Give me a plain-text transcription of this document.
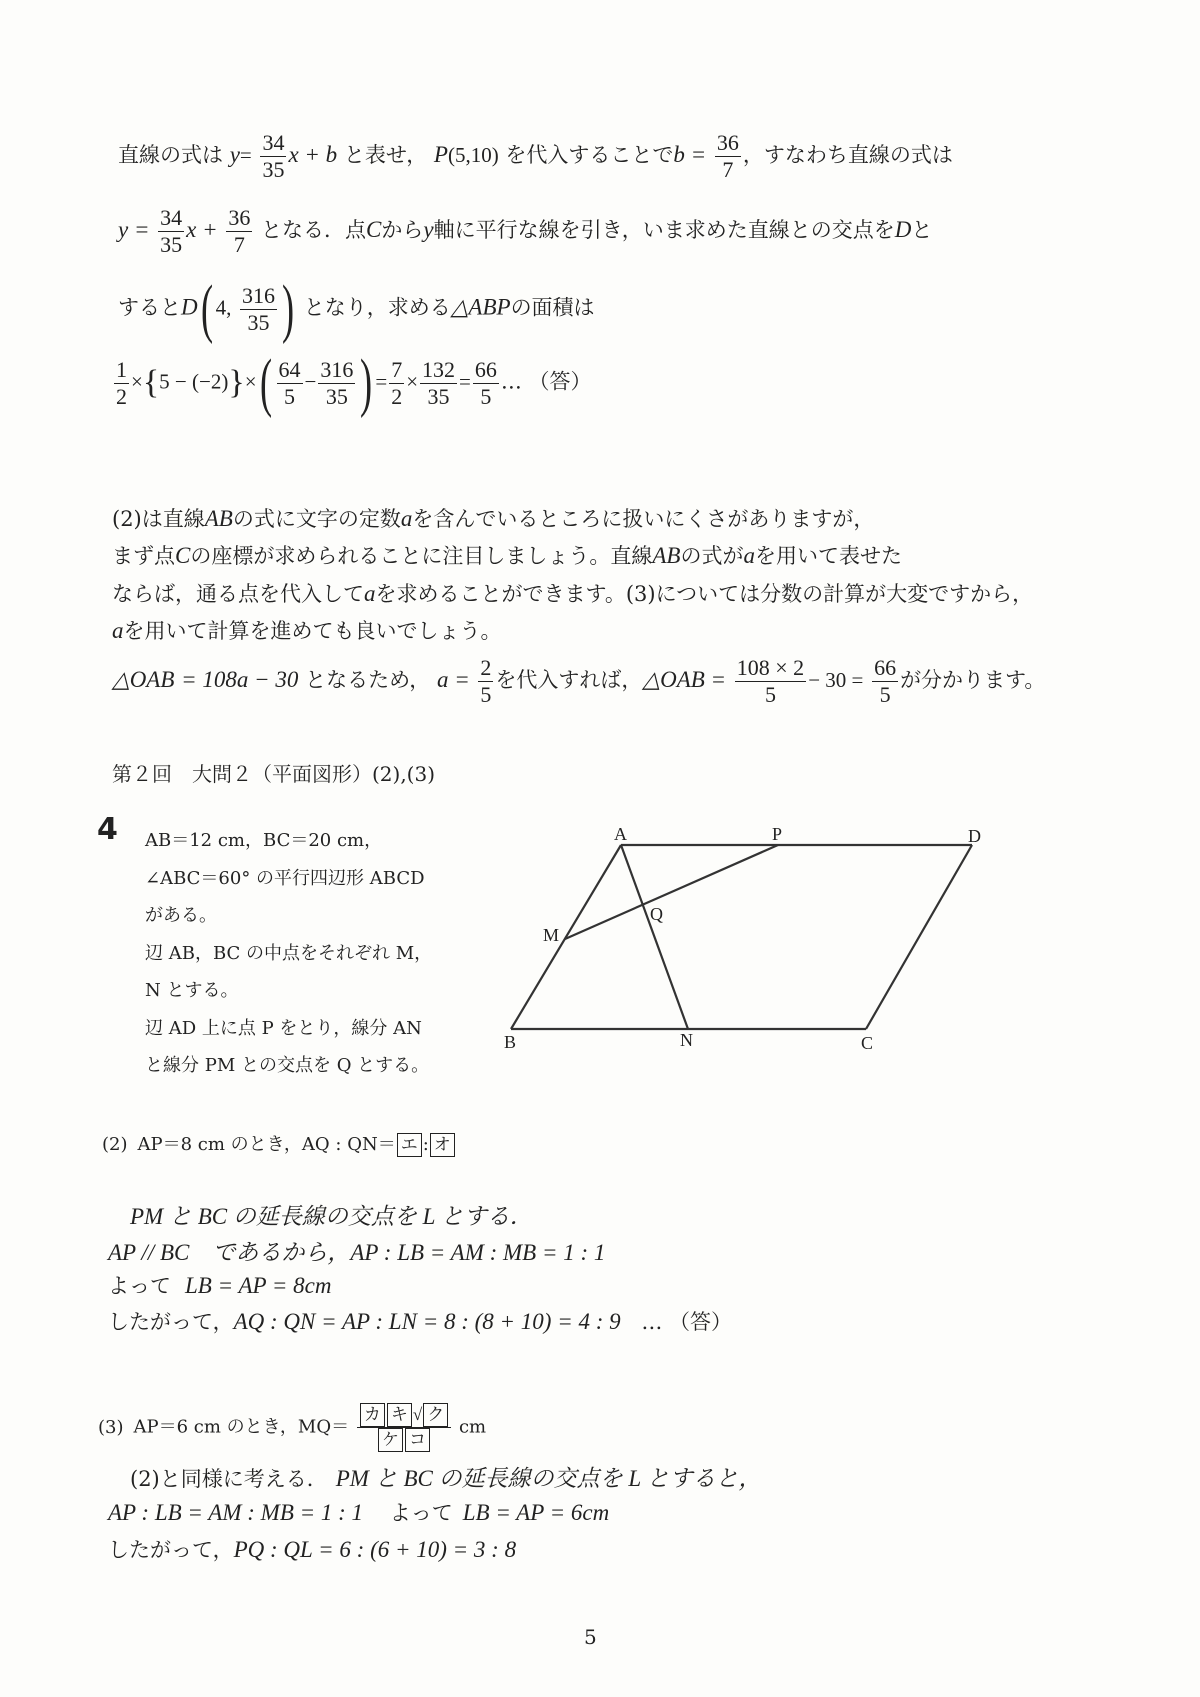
直線の式は $y= \frac{34}{35}$ x + b と表せ， P(5,10) を代入することで$b = \frac{36}{7}$ ，すなわち直線の式は
$y = \frac{34}{35}$ $x + \frac{36}{7}$ となる．点Cからy軸に平行な線を引き，いま求めた直線との交点をDと
するとD( 4, $\frac{316}{35}$ ) となり，求める△ABPの面積は
$\frac{1}{2} \times\{5 - (-2)\}\times( \frac{64}{5} - \frac{316}{35}$ ) = $\frac{7}{2} \times \frac{132}{35} = \frac{66}{5}$ … （答）
(2)は直線ABの式に文字の定数aを含んでいるところに扱いにくさがありますが，
まず点Cの座標が求められることに注目しましょう。直線ABの式がaを用いて表せた
ならば，通る点を代入してaを求めることができます。(3)については分数の計算が大変ですから，
aを用いて計算を進めても良いでしょう。
△OAB = 108a − 30 となるため， $a = \frac{2}{5}$ を代入すれば，△OAB = $\frac{108 \times 2}{5} - 30 = \frac{66}{5}$ が分かります。
第２回　大問２（平面図形）(2),(3)
4 AB＝12 cm，BC＝20 cm，
∠ABC＝60° の平行四辺形 ABCD
がある。
辺 AB，BC の中点をそれぞれ M，
N とする。
辺 AD 上に点 P をとり，線分 AN
と線分 PM との交点を Q とする。
A	P	D
Q
M
B	N	C
(2) AP＝8 cm のとき，AQ : QN＝ エ : オ
PM と BC の延長線の交点を L とする．
AP // BC　であるから，AP : LB = AM : MB = 1 : 1
よって LB = AP = 8cm
したがって，AQ : QN = AP : LN = 8 : (8 + 10) = 4 : 9 … （答）
(3) AP＝6 cm のとき，$MQ= \frac{\text{カ キ √ ク}}{\text{ケ コ}}$ cm
(2)と同様に考える． PM と BC の延長線の交点を L とすると，
AP : LB = AM : MB = 1 : 1 よって LB = AP = 6cm
したがって，PQ : QL = 6 : (6 + 10) = 3 : 8
5
